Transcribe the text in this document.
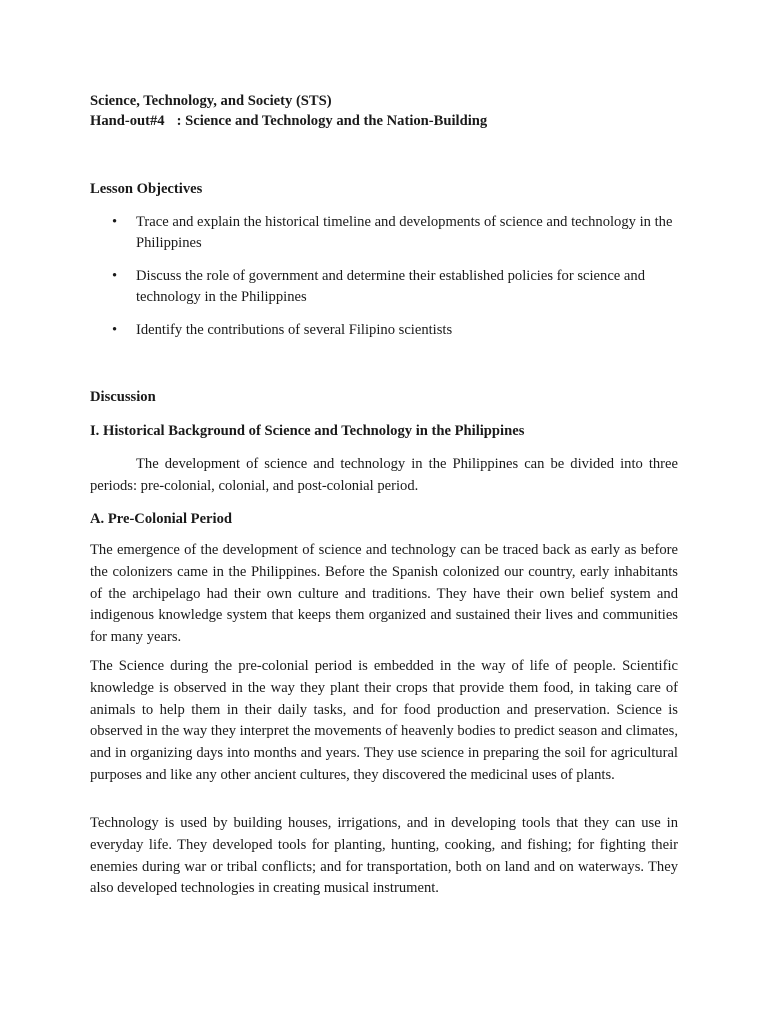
Science, Technology, and Society (STS)
Hand-out#4 : Science and Technology and the Nation-Building
Lesson Objectives
• Trace and explain the historical timeline and developments of science and technology in the Philippines
• Discuss the role of government and determine their established policies for science and technology in the Philippines
• Identify the contributions of several Filipino scientists
Discussion
I. Historical Background of Science and Technology in the Philippines

The development of science and technology in the Philippines can be divided into three periods: pre-colonial, colonial, and post-colonial period.

A. Pre-Colonial Period

The emergence of the development of science and technology can be traced back as early as before the colonizers came in the Philippines. Before the Spanish colonized our country, early inhabitants of the archipelago had their own culture and traditions. They have their own belief system and indigenous knowledge system that keeps them organized and sustained their lives and communities for many years.

The Science during the pre-colonial period is embedded in the way of life of people. Scientific knowledge is observed in the way they plant their crops that provide them food, in taking care of animals to help them in their daily tasks, and for food production and preservation. Science is observed in the way they interpret the movements of heavenly bodies to predict season and climates, and in organizing days into months and years. They use science in preparing the soil for agricultural purposes and like any other ancient cultures, they discovered the medicinal uses of plants.

Technology is used by building houses, irrigations, and in developing tools that they can use in everyday life. They developed tools for planting, hunting, cooking, and fishing; for fighting their enemies during war or tribal conflicts; and for transportation, both on land and on waterways. They also developed technologies in creating musical instrument.
